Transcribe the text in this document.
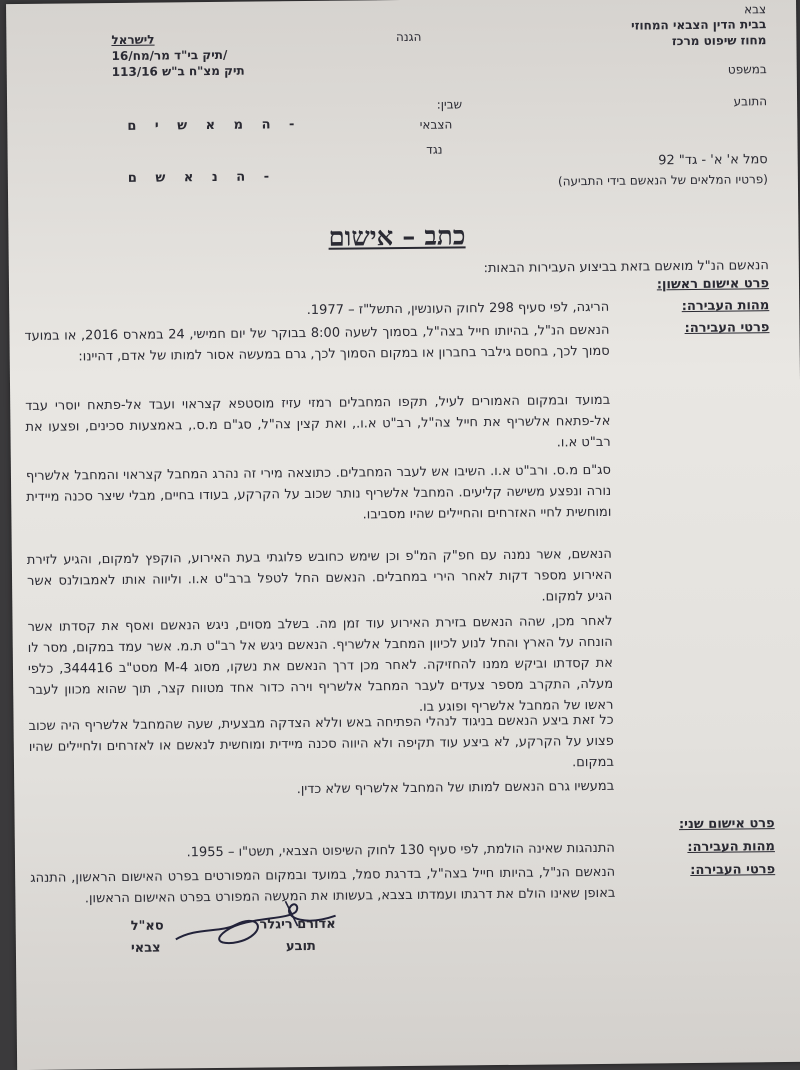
צבא
בבית הדין הצבאי המחוזי
מחוז שיפוט מרכז
במשפט
הגנה
לישראל
תיק בי"ד מר/מח/16/
תיק מצ"ח ב"ש 113/16
התובע
שבין:
הצבאי
- ה מ א ש י ם
נגד
סמל א' א' - גד" 92
(פרטיו המלאים של הנאשם בידי התביעה)
- ה נ א ש ם
כתב – אישום
הנאשם הנ"ל מואשם בזאת בביצוע העבירות הבאות:
פרט אישום ראשון:
מהות העבירה:
הריגה, לפי סעיף 298 לחוק העונשין, התשל"ז – 1977.
פרטי העבירה:
הנאשם הנ"ל, בהיותו חייל בצה"ל, בסמוך לשעה 8:00 בבוקר של יום חמישי, 24 במארס 2016, או במועד סמוך לכך, בחסם גילבר בחברון או במקום הסמוך לכך, גרם במעשה אסור למותו של אדם, דהיינו:
במועד ובמקום האמורים לעיל, תקפו המחבלים רמזי עזיז מוסטפא קצראוי ועבד אל-פתאח יוסרי עבד אל-פתאח אלשריף את חייל צה"ל, רב"ט א.ו., ואת קצין צה"ל, סג"ם מ.ס., באמצעות סכינים, ופצעו את רב"ט א.ו.
סג"ם מ.ס. ורב"ט א.ו. השיבו אש לעבר המחבלים. כתוצאה מירי זה נהרג המחבל קצראוי והמחבל אלשריף נורה ונפצע משישה קליעים. המחבל אלשריף נותר שכוב על הקרקע, בעודו בחיים, מבלי שיצר סכנה מיידית ומוחשית לחיי האזרחים והחיילים שהיו מסביבו.
הנאשם, אשר נמנה עם חפ"ק המ"פ וכן שימש כחובש פלוגתי בעת האירוע, הוקפץ למקום, והגיע לזירת האירוע מספר דקות לאחר הירי במחבלים. הנאשם החל לטפל ברב"ט א.ו. וליווה אותו לאמבולנס אשר הגיע למקום.
לאחר מכן, שהה הנאשם בזירת האירוע עוד זמן מה. בשלב מסוים, ניגש הנאשם ואסף את קסדתו אשר הונחה על הארץ והחל לנוע לכיוון המחבל אלשריף. הנאשם ניגש אל רב"ט ת.מ. אשר עמד במקום, מסר לו את קסדתו וביקש ממנו להחזיקה. לאחר מכן דרך הנאשם את נשקו, מסוג M-4 מסט"ב 344416, כלפי מעלה, התקרב מספר צעדים לעבר המחבל אלשריף וירה כדור אחד מטווח קצר, תוך שהוא מכוון לעבר ראשו של המחבל אלשריף ופוגע בו.
כל זאת ביצע הנאשם בניגוד לנהלי הפתיחה באש וללא הצדקה מבצעית, שעה שהמחבל אלשריף היה שכוב פצוע על הקרקע, לא ביצע עוד תקיפה ולא היווה סכנה מיידית ומוחשית לנאשם או לאזרחים ולחיילים שהיו במקום.
במעשיו גרם הנאשם למותו של המחבל אלשריף שלא כדין.
פרט אישום שני:
מהות העבירה:
התנהגות שאינה הולמת, לפי סעיף 130 לחוק השיפוט הצבאי, תשט"ו – 1955.
פרטי העבירה:
הנאשם הנ"ל, בהיותו חייל בצה"ל, בדרגת סמל, במועד ובמקום המפורטים בפרט האישום הראשון, התנהג באופן שאינו הולם את דרגתו ועמדתו בצבא, בעשותו את המעשה המפורט בפרט האישום הראשון.
אדורם ריגלר
תובע
סא"ל
צבאי
